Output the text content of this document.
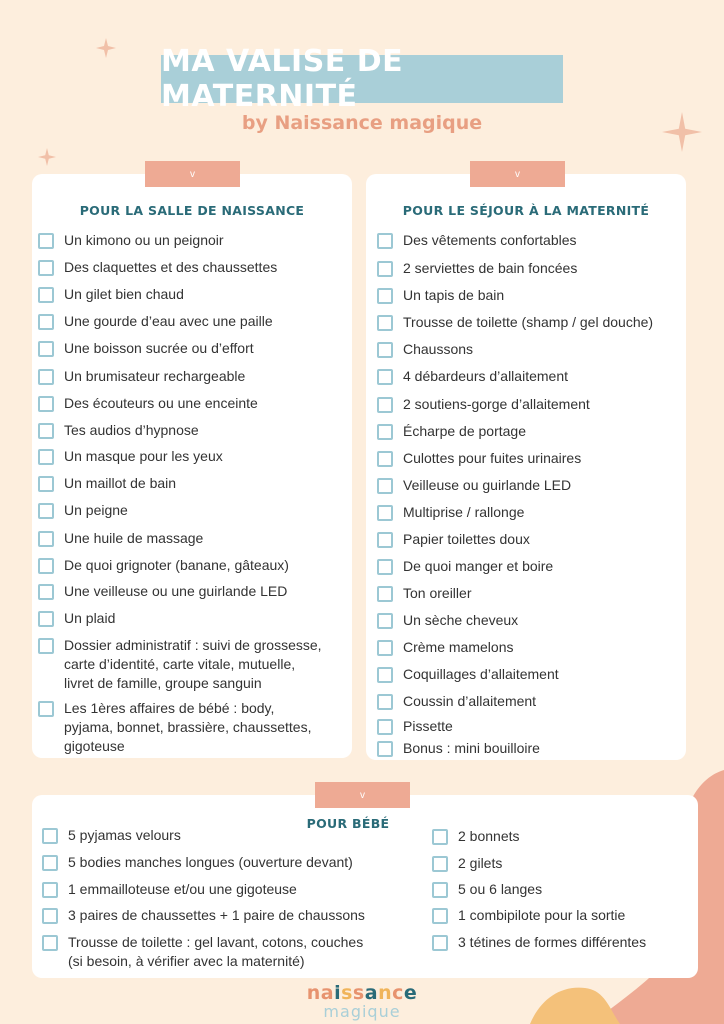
MA VALISE DE MATERNITÉ
by Naissance magique
v
POUR LA SALLE DE NAISSANCE
Un kimono ou un peignoir
Des claquettes et des chaussettes
Un gilet bien chaud
Une gourde d’eau avec une paille
Une boisson sucrée ou d’effort
Un brumisateur rechargeable
Des écouteurs ou une enceinte
Tes audios d’hypnose
Un masque pour les yeux
Un maillot de bain
Un peigne
Une huile de massage
De quoi grignoter (banane, gâteaux)
Une veilleuse ou une guirlande LED
Un plaid
Dossier administratif : suivi de grossesse,
carte d’identité, carte vitale, mutuelle,
livret de famille, groupe sanguin
Les 1ères affaires de bébé : body,
pyjama, bonnet, brassière, chaussettes,
gigoteuse
v
POUR LE SÉJOUR À LA MATERNITÉ
Des vêtements confortables
2 serviettes de bain foncées
Un tapis de bain
Trousse de toilette (shamp / gel douche)
Chaussons
4 débardeurs d’allaitement
2 soutiens-gorge d’allaitement
Écharpe de portage
Culottes pour fuites urinaires
Veilleuse ou guirlande LED
Multiprise / rallonge
Papier toilettes doux
De quoi manger et boire
Ton oreiller
Un sèche cheveux
Crème mamelons
Coquillages d’allaitement
Coussin d’allaitement
Pissette
Bonus : mini bouilloire
v
POUR BÉBÉ
5 pyjamas velours
5 bodies manches longues (ouverture devant)
1 emmailloteuse et/ou une gigoteuse
3 paires de chaussettes + 1 paire de chaussons
Trousse de toilette : gel lavant, cotons, couches
(si besoin, à vérifier avec la maternité)
2 bonnets
2 gilets
5 ou 6 langes
1 combipilote pour la sortie
3 tétines de formes différentes
naissance
magique
